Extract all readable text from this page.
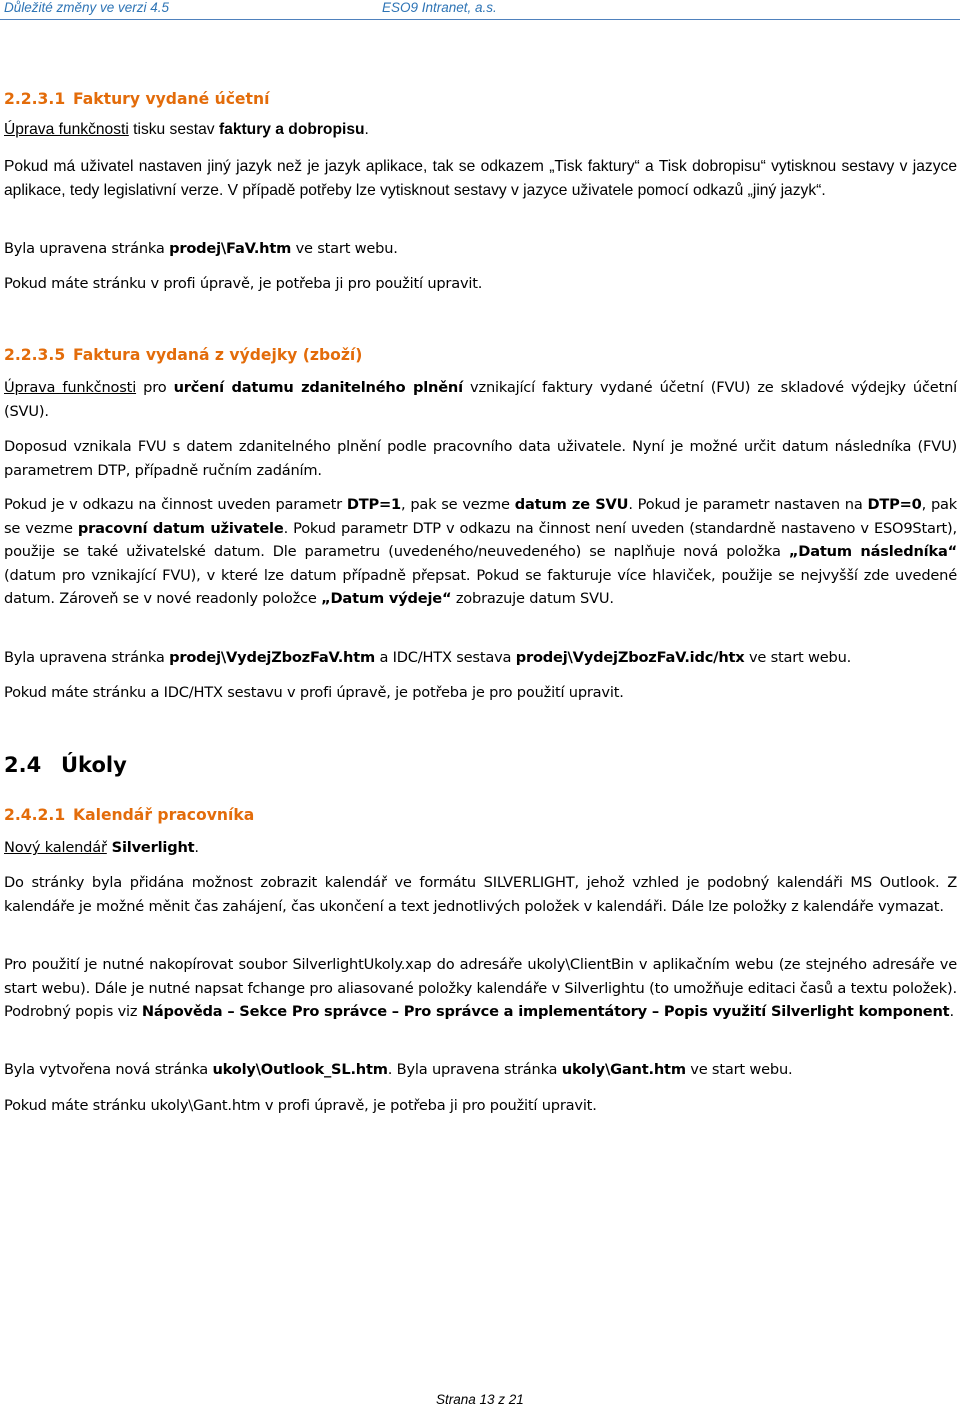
Důležité změny ve verzi 4.5	ESO9 Intranet, a.s.
2.2.3.1 Faktury vydané účetní
Úprava funkčnosti tisku sestav faktury a dobropisu.
Pokud má uživatel nastaven jiný jazyk než je jazyk aplikace, tak se odkazem „Tisk faktury“ a Tisk dobropisu“ vytisknou sestavy v jazyce aplikace, tedy legislativní verze. V případě potřeby lze vytisknout sestavy v jazyce uživatele pomocí odkazů „jiný jazyk“.
Byla upravena stránka prodej\FaV.htm ve start webu.
Pokud máte stránku v profi úpravě, je potřeba ji pro použití upravit.
2.2.3.5 Faktura vydaná z výdejky (zboží)
Úprava funkčnosti pro určení datumu zdanitelného plnění vznikající faktury vydané účetní (FVU) ze skladové výdejky účetní (SVU).
Doposud vznikala FVU s datem zdanitelného plnění podle pracovního data uživatele. Nyní je možné určit datum následníka (FVU) parametrem DTP, případně ručním zadáním.
Pokud je v odkazu na činnost uveden parametr DTP=1, pak se vezme datum ze SVU. Pokud je parametr nastaven na DTP=0, pak se vezme pracovní datum uživatele. Pokud parametr DTP v odkazu na činnost není uveden (standardně nastaveno v ESO9Start), použije se také uživatelské datum. Dle parametru (uvedeného/neuvedeného) se naplňuje nová položka „Datum následníka“ (datum pro vznikající FVU), v které lze datum případně přepsat. Pokud se fakturuje více hlaviček, použije se nejvyšší zde uvedené datum. Zároveň se v nové readonly položce „Datum výdeje“ zobrazuje datum SVU.
Byla upravena stránka prodej\VydejZbozFaV.htm a IDC/HTX sestava prodej\VydejZbozFaV.idc/htx ve start webu.
Pokud máte stránku a IDC/HTX sestavu v profi úpravě, je potřeba je pro použití upravit.
2.4 Úkoly
2.4.2.1 Kalendář pracovníka
Nový kalendář Silverlight.
Do stránky byla přidána možnost zobrazit kalendář ve formátu SILVERLIGHT, jehož vzhled je podobný kalendáři MS Outlook. Z kalendáře je možné měnit čas zahájení, čas ukončení a text jednotlivých položek v kalendáři. Dále lze položky z kalendáře vymazat.
Pro použití je nutné nakopírovat soubor SilverlightUkoly.xap do adresáře ukoly\ClientBin v aplikačním webu (ze stejného adresáře ve start webu). Dále je nutné napsat fchange pro aliasované položky kalendáře v Silverlightu (to umožňuje editaci časů a textu položek). Podrobný popis viz Nápověda – Sekce Pro správce – Pro správce a implementátory – Popis využití Silverlight komponent.
Byla vytvořena nová stránka ukoly\Outlook_SL.htm. Byla upravena stránka ukoly\Gant.htm ve start webu.
Pokud máte stránku ukoly\Gant.htm v profi úpravě, je potřeba ji pro použití upravit.
Strana 13 z 21
